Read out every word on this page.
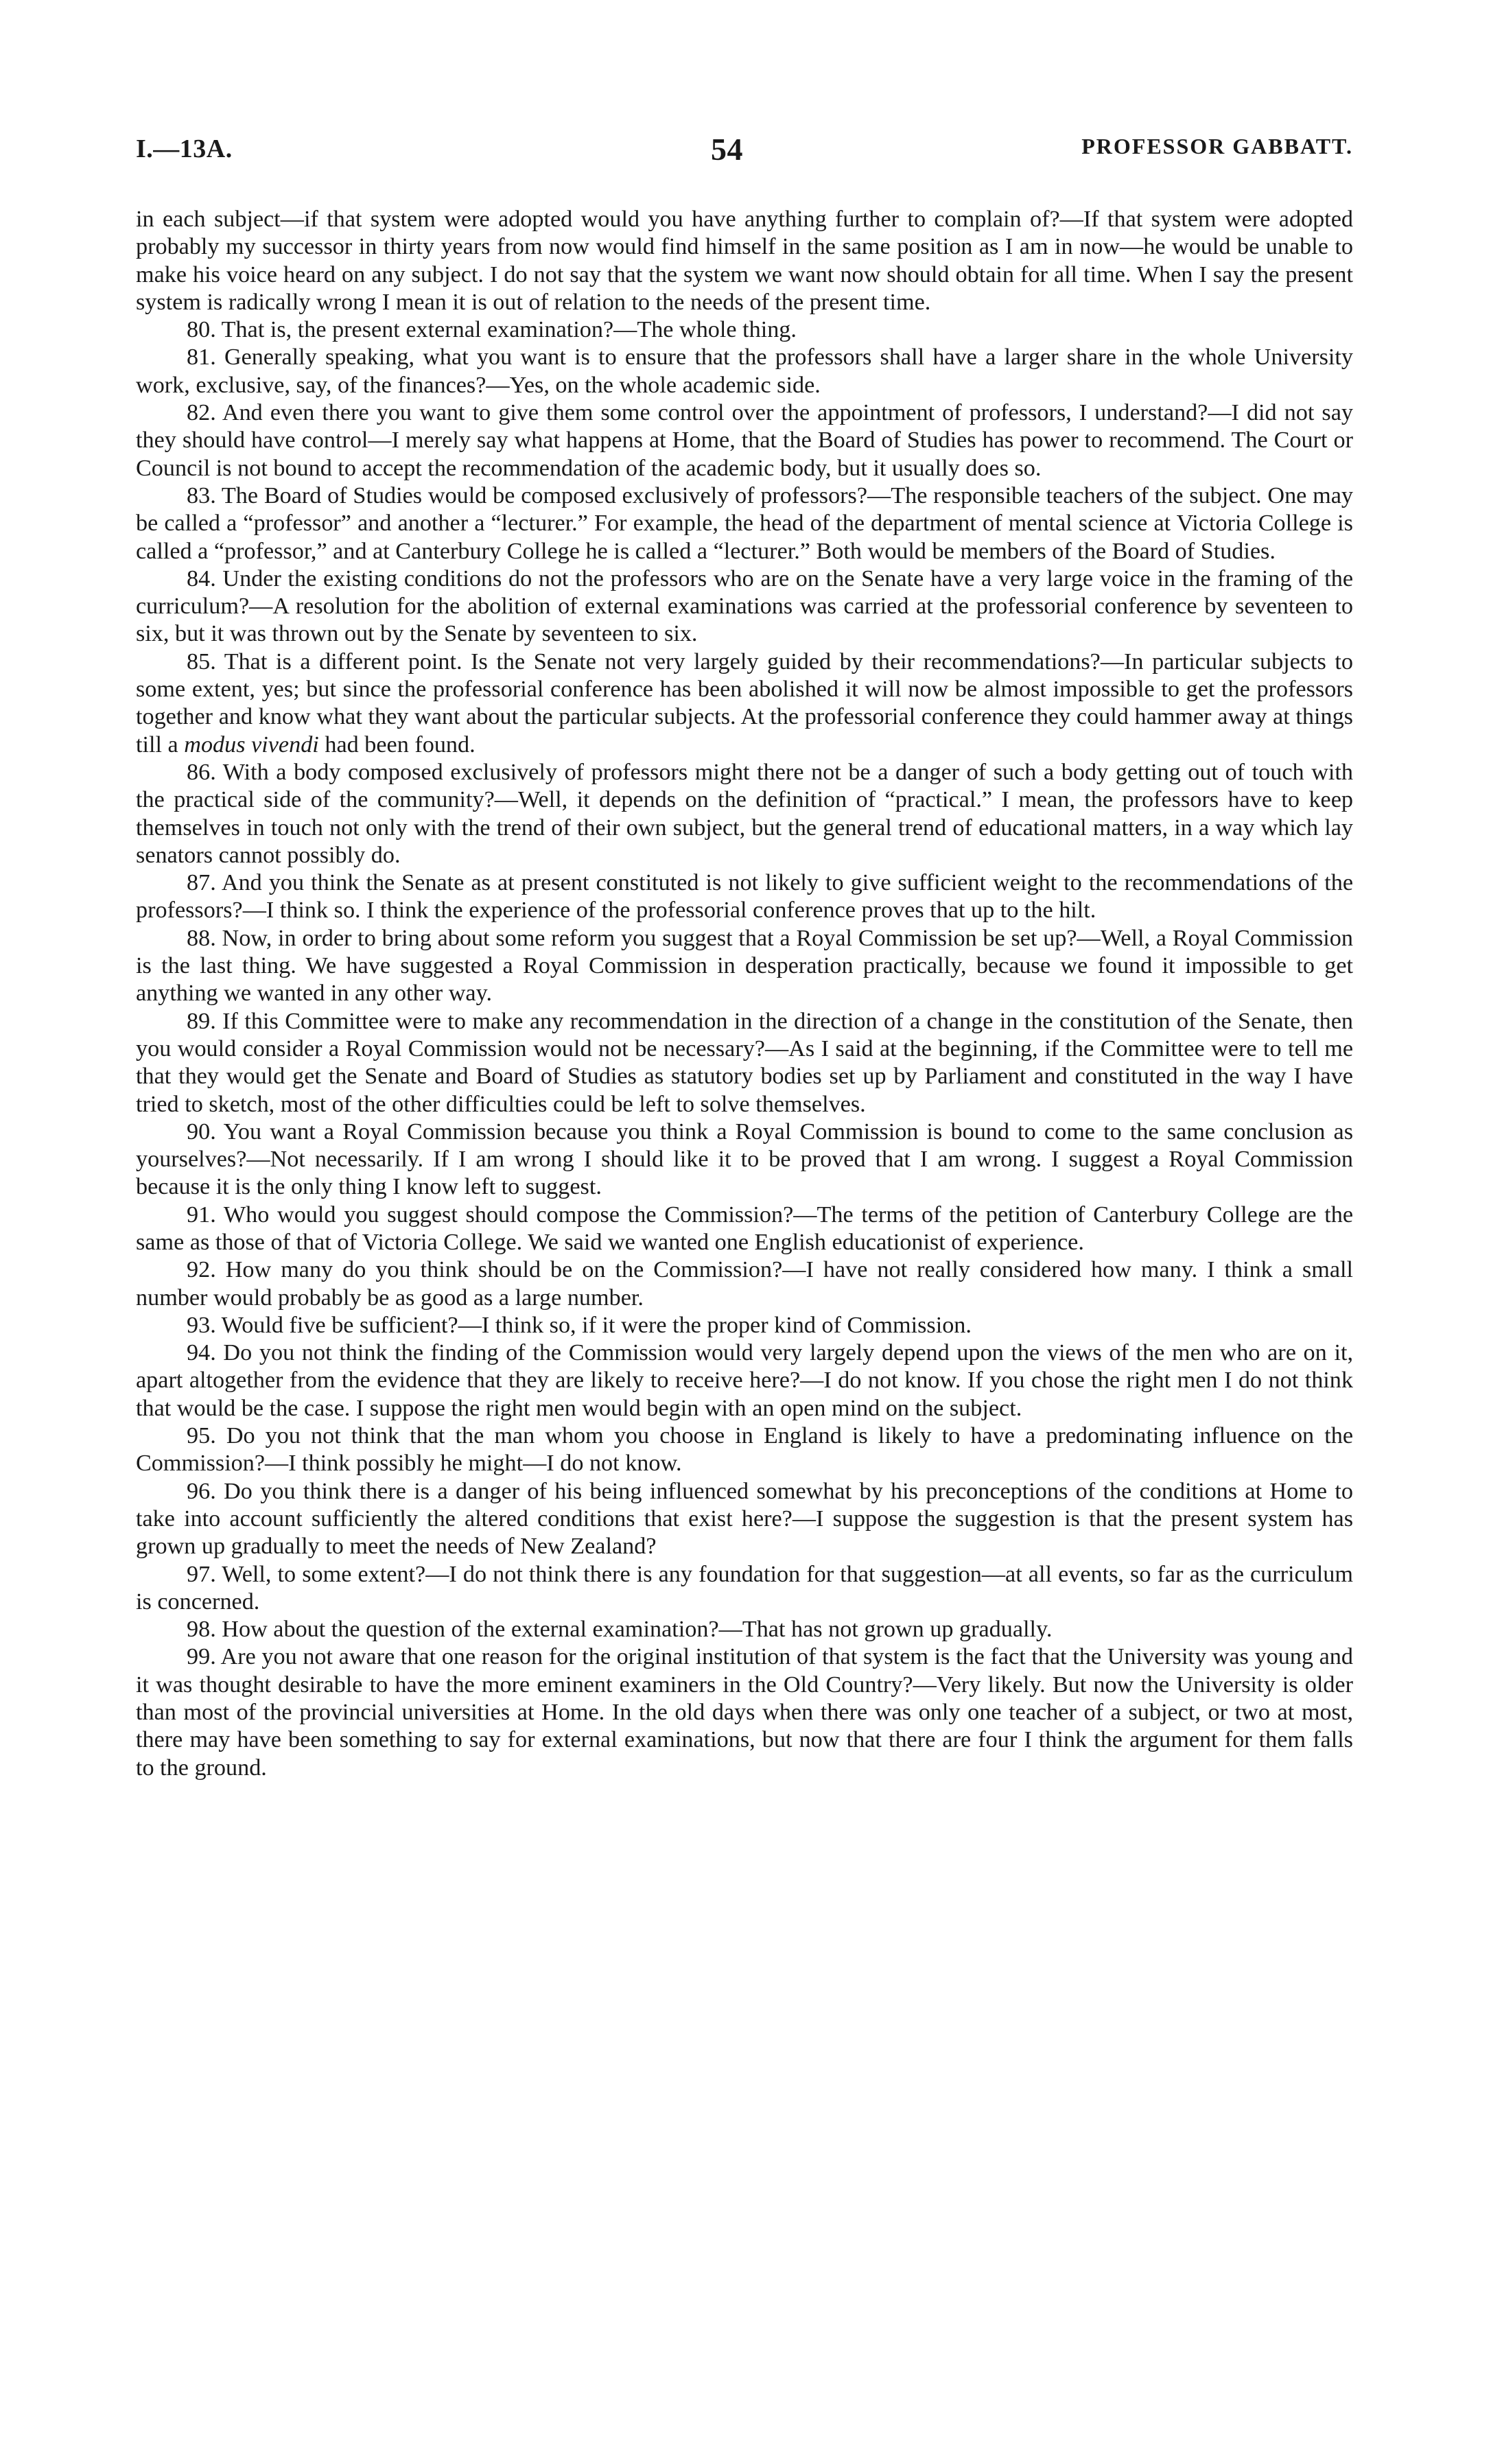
I.—13A.	54	PROFESSOR GABBATT.

in each subject—if that system were adopted would you have anything further to complain of?—If that system were adopted probably my successor in thirty years from now would find himself in the same position as I am in now—he would be unable to make his voice heard on any subject. I do not say that the system we want now should obtain for all time. When I say the present system is radically wrong I mean it is out of relation to the needs of the present time.

80. That is, the present external examination?—The whole thing.

81. Generally speaking, what you want is to ensure that the professors shall have a larger share in the whole University work, exclusive, say, of the finances?—Yes, on the whole academic side.

82. And even there you want to give them some control over the appointment of professors, I understand?—I did not say they should have control—I merely say what happens at Home, that the Board of Studies has power to recommend. The Court or Council is not bound to accept the recommendation of the academic body, but it usually does so.

83. The Board of Studies would be composed exclusively of professors?—The responsible teachers of the subject. One may be called a “professor” and another a “lecturer.” For example, the head of the department of mental science at Victoria College is called a “professor,” and at Canterbury College he is called a “lecturer.” Both would be members of the Board of Studies.

84. Under the existing conditions do not the professors who are on the Senate have a very large voice in the framing of the curriculum?—A resolution for the abolition of external examinations was carried at the professorial conference by seventeen to six, but it was thrown out by the Senate by seventeen to six.

85. That is a different point. Is the Senate not very largely guided by their recommendations?—In particular subjects to some extent, yes; but since the professorial conference has been abolished it will now be almost impossible to get the professors together and know what they want about the particular subjects. At the professorial conference they could hammer away at things till a modus vivendi had been found.

86. With a body composed exclusively of professors might there not be a danger of such a body getting out of touch with the practical side of the community?—Well, it depends on the definition of “practical.” I mean, the professors have to keep themselves in touch not only with the trend of their own subject, but the general trend of educational matters, in a way which lay senators cannot possibly do.

87. And you think the Senate as at present constituted is not likely to give sufficient weight to the recommendations of the professors?—I think so. I think the experience of the professorial conference proves that up to the hilt.

88. Now, in order to bring about some reform you suggest that a Royal Commission be set up?—Well, a Royal Commission is the last thing. We have suggested a Royal Commission in desperation practically, because we found it impossible to get anything we wanted in any other way.

89. If this Committee were to make any recommendation in the direction of a change in the constitution of the Senate, then you would consider a Royal Commission would not be necessary?—As I said at the beginning, if the Committee were to tell me that they would get the Senate and Board of Studies as statutory bodies set up by Parliament and constituted in the way I have tried to sketch, most of the other difficulties could be left to solve themselves.

90. You want a Royal Commission because you think a Royal Commission is bound to come to the same conclusion as yourselves?—Not necessarily. If I am wrong I should like it to be proved that I am wrong. I suggest a Royal Commission because it is the only thing I know left to suggest.

91. Who would you suggest should compose the Commission?—The terms of the petition of Canterbury College are the same as those of that of Victoria College. We said we wanted one English educationist of experience.

92. How many do you think should be on the Commission?—I have not really considered how many. I think a small number would probably be as good as a large number.

93. Would five be sufficient?—I think so, if it were the proper kind of Commission.

94. Do you not think the finding of the Commission would very largely depend upon the views of the men who are on it, apart altogether from the evidence that they are likely to receive here?—I do not know. If you chose the right men I do not think that would be the case. I suppose the right men would begin with an open mind on the subject.

95. Do you not think that the man whom you choose in England is likely to have a predominating influence on the Commission?—I think possibly he might—I do not know.

96. Do you think there is a danger of his being influenced somewhat by his preconceptions of the conditions at Home to take into account sufficiently the altered conditions that exist here?—I suppose the suggestion is that the present system has grown up gradually to meet the needs of New Zealand?

97. Well, to some extent?—I do not think there is any foundation for that suggestion—at all events, so far as the curriculum is concerned.

98. How about the question of the external examination?—That has not grown up gradually.

99. Are you not aware that one reason for the original institution of that system is the fact that the University was young and it was thought desirable to have the more eminent examiners in the Old Country?—Very likely. But now the University is older than most of the provincial universities at Home. In the old days when there was only one teacher of a subject, or two at most, there may have been something to say for external examinations, but now that there are four I think the argument for them falls to the ground.
